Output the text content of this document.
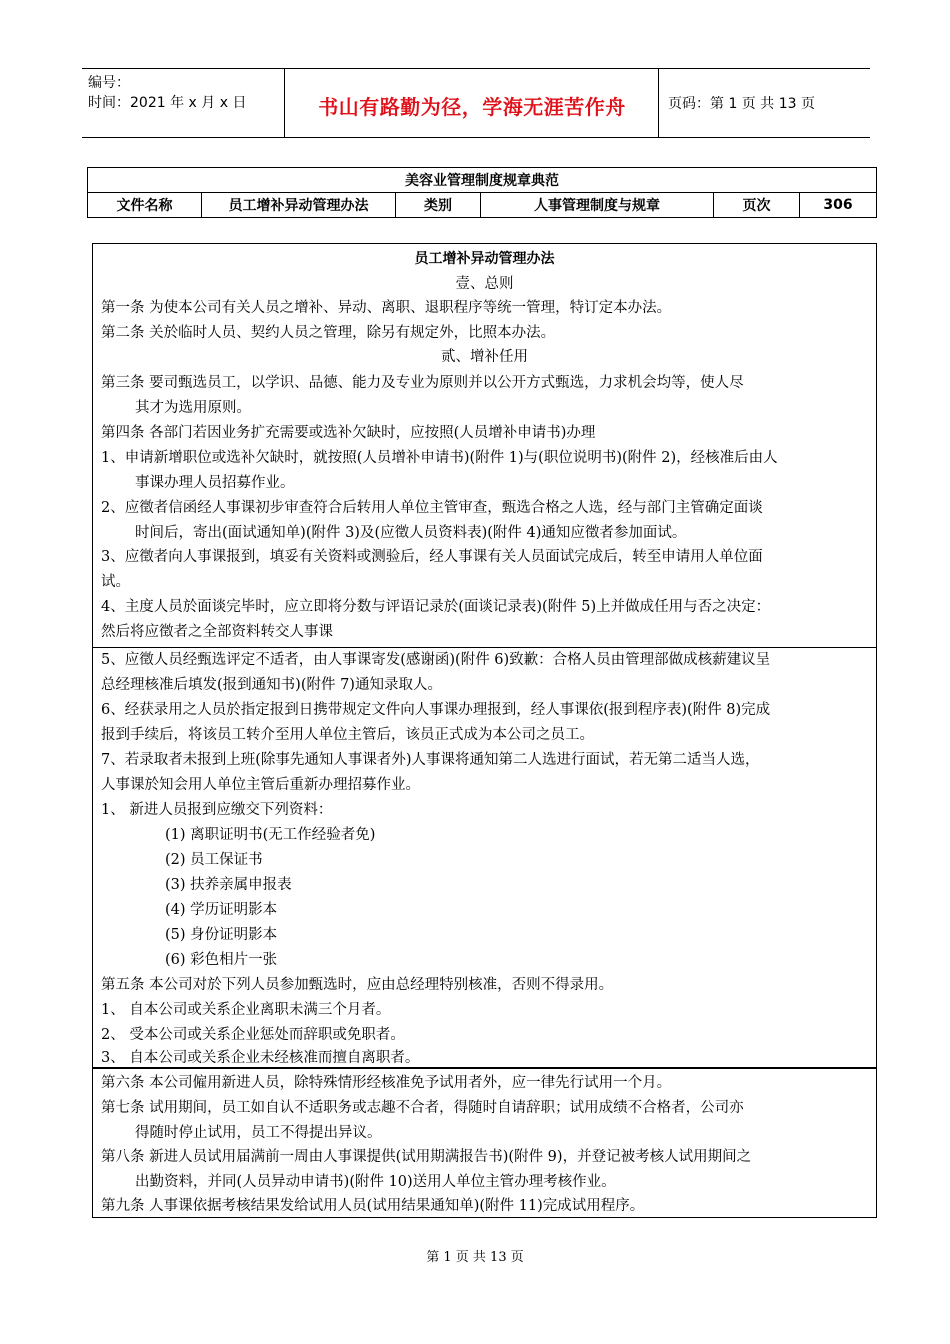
编号：
时间：2021 年 x 月 x 日	书山有路勤为径，学海无涯苦作舟	页码：第 1 页 共 13 页
美容业管理制度规章典范
文件名称	员工增补异动管理办法	类别	人事管理制度与规章	页次	306
员工增补异动管理办法
壹、总则
第一条 为使本公司有关人员之增补、异动、离职、退职程序等统一管理，特订定本办法。
第二条 关於临时人员、契约人员之管理，除另有规定外，比照本办法。
贰、增补任用
第三条 要司甄选员工，以学识、品德、能力及专业为原则并以公开方式甄选，力求机会均等，使人尽
其才为选用原则。
第四条 各部门若因业务扩充需要或选补欠缺时，应按照(人员增补申请书)办理
1、申请新增职位或选补欠缺时，就按照(人员增补申请书)(附件 1)与(职位说明书)(附件 2)，经核准后由人
事课办理人员招募作业。
2、应徵者信函经人事课初步审查符合后转用人单位主管审查，甄选合格之人选，经与部门主管确定面谈
时间后，寄出(面试通知单)(附件 3)及(应徵人员资料表)(附件 4)通知应徵者参加面试。
3、应徵者向人事课报到，填妥有关资料或测验后，经人事课有关人员面试完成后，转至申请用人单位面
试。
4、主度人员於面谈完毕时，应立即将分数与评语记录於(面谈记录表)(附件 5)上并做成任用与否之决定：
然后将应徵者之全部资料转交人事课
5、应徵人员经甄选评定不适者，由人事课寄发(感谢函)(附件 6)致歉：合格人员由管理部做成核薪建议呈
总经理核准后填发(报到通知书)(附件 7)通知录取人。
6、经获录用之人员於指定报到日携带规定文件向人事课办理报到，经人事课依(报到程序表)(附件 8)完成
报到手续后，将该员工转介至用人单位主管后，该员正式成为本公司之员工。
7、若录取者未报到上班(除事先通知人事课者外)人事课将通知第二人选进行面试，若无第二适当人选，
人事课於知会用人单位主管后重新办理招募作业。
1、 新进人员报到应缴交下列资料：
(1) 离职证明书(无工作经验者免)
(2) 员工保证书
(3) 扶养亲属申报表
(4) 学历证明影本
(5) 身份证明影本
(6) 彩色相片一张
第五条 本公司对於下列人员参加甄选时，应由总经理特别核准，否则不得录用。
1、 自本公司或关系企业离职未满三个月者。
2、 受本公司或关系企业惩处而辞职或免职者。
3、 自本公司或关系企业未经核准而擅自离职者。
第六条 本公司僱用新进人员，除特殊情形经核准免予试用者外，应一律先行试用一个月。
第七条 试用期间，员工如自认不适职务或志趣不合者，得随时自请辞职；试用成绩不合格者，公司亦
得随时停止试用，员工不得提出异议。
第八条 新进人员试用届满前一周由人事课提供(试用期满报告书)(附件 9)，并登记被考核人试用期间之
出勤资料，并同(人员异动申请书)(附件 10)送用人单位主管办理考核作业。
第九条 人事课依据考核结果发给试用人员(试用结果通知单)(附件 11)完成试用程序。
第 1 页 共 13 页
